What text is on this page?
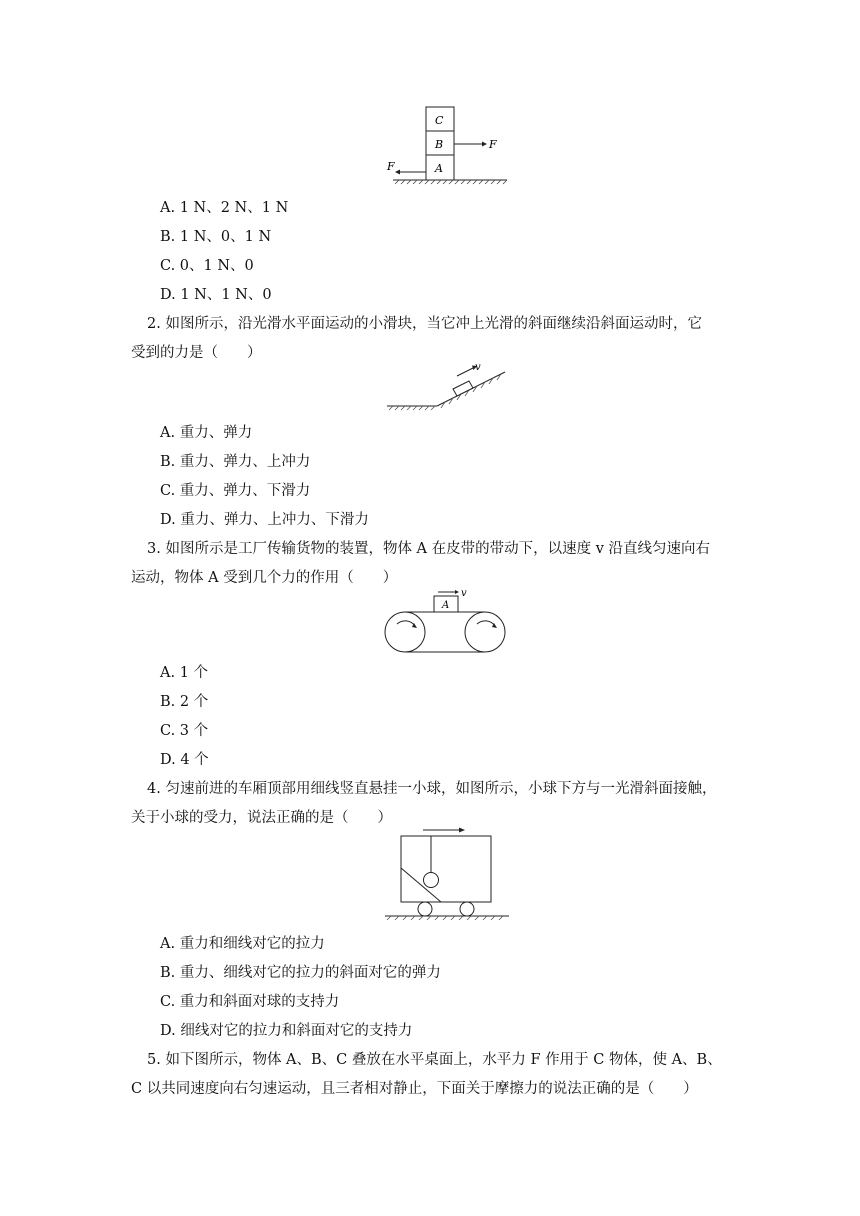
C
B
A
F
F
A. 1 N、2 N、1 N
B. 1 N、0、1 N
C. 0、1 N、0
D. 1 N、1 N、0
2. 如图所示，沿光滑水平面运动的小滑块，当它冲上光滑的斜面继续沿斜面运动时，它
受到的力是（　　）
v
A. 重力、弹力
B. 重力、弹力、上冲力
C. 重力、弹力、下滑力
D. 重力、弹力、上冲力、下滑力
3. 如图所示是工厂传输货物的装置，物体 A 在皮带的带动下，以速度 v 沿直线匀速向右
运动，物体 A 受到几个力的作用（　　）
A
v
A. 1 个
B. 2 个
C. 3 个
D. 4 个
4. 匀速前进的车厢顶部用细线竖直悬挂一小球，如图所示，小球下方与一光滑斜面接触，
关于小球的受力，说法正确的是（　　）
A. 重力和细线对它的拉力
B. 重力、细线对它的拉力的斜面对它的弹力
C. 重力和斜面对球的支持力
D. 细线对它的拉力和斜面对它的支持力
5. 如下图所示，物体 A、B、C 叠放在水平桌面上，水平力 F 作用于 C 物体，使 A、B、
C 以共同速度向右匀速运动，且三者相对静止，下面关于摩擦力的说法正确的是（　　）
